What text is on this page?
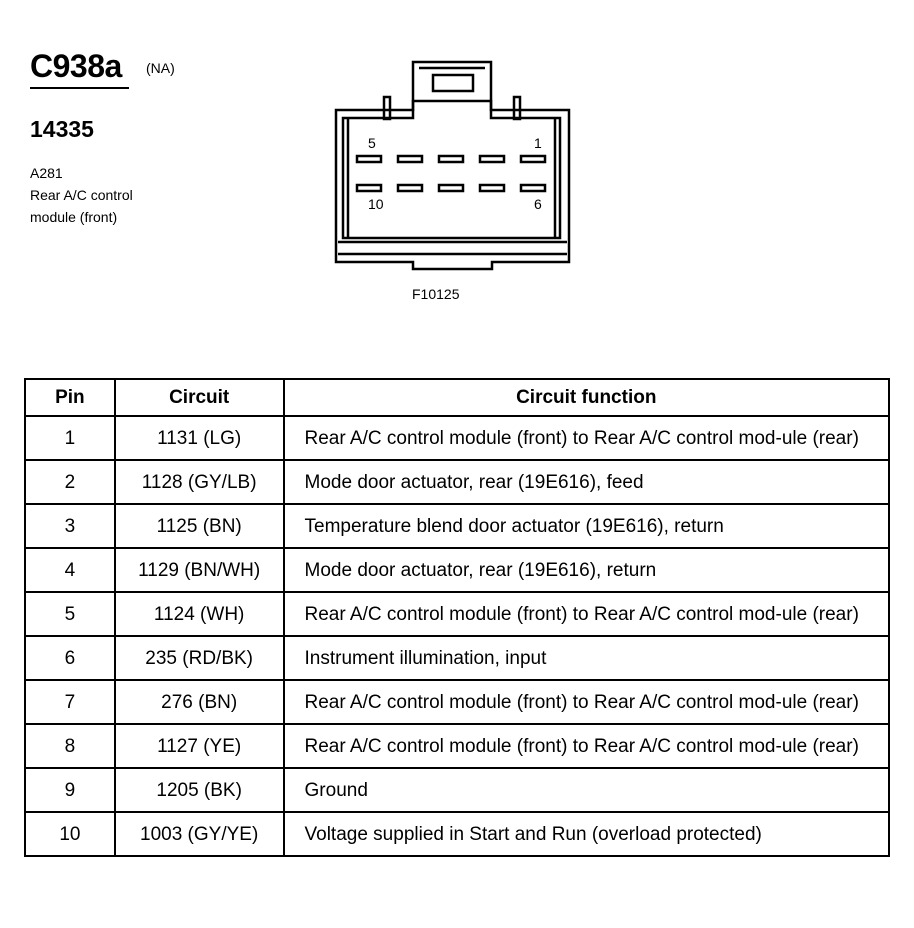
C938a (NA)
14335
A281
Rear A/C control
module (front)
5	1
10	6
F10125
Pin	Circuit	Circuit function
1	1131 (LG)	Rear A/C control module (front) to Rear A/C control mod-ule (rear)
2	1128 (GY/LB)	Mode door actuator, rear (19E616), feed
3	1125 (BN)	Temperature blend door actuator (19E616), return
4	1129 (BN/WH)	Mode door actuator, rear (19E616), return
5	1124 (WH)	Rear A/C control module (front) to Rear A/C control mod-ule (rear)
6	235 (RD/BK)	Instrument illumination, input
7	276 (BN)	Rear A/C control module (front) to Rear A/C control mod-ule (rear)
8	1127 (YE)	Rear A/C control module (front) to Rear A/C control mod-ule (rear)
9	1205 (BK)	Ground
10	1003 (GY/YE)	Voltage supplied in Start and Run (overload protected)
